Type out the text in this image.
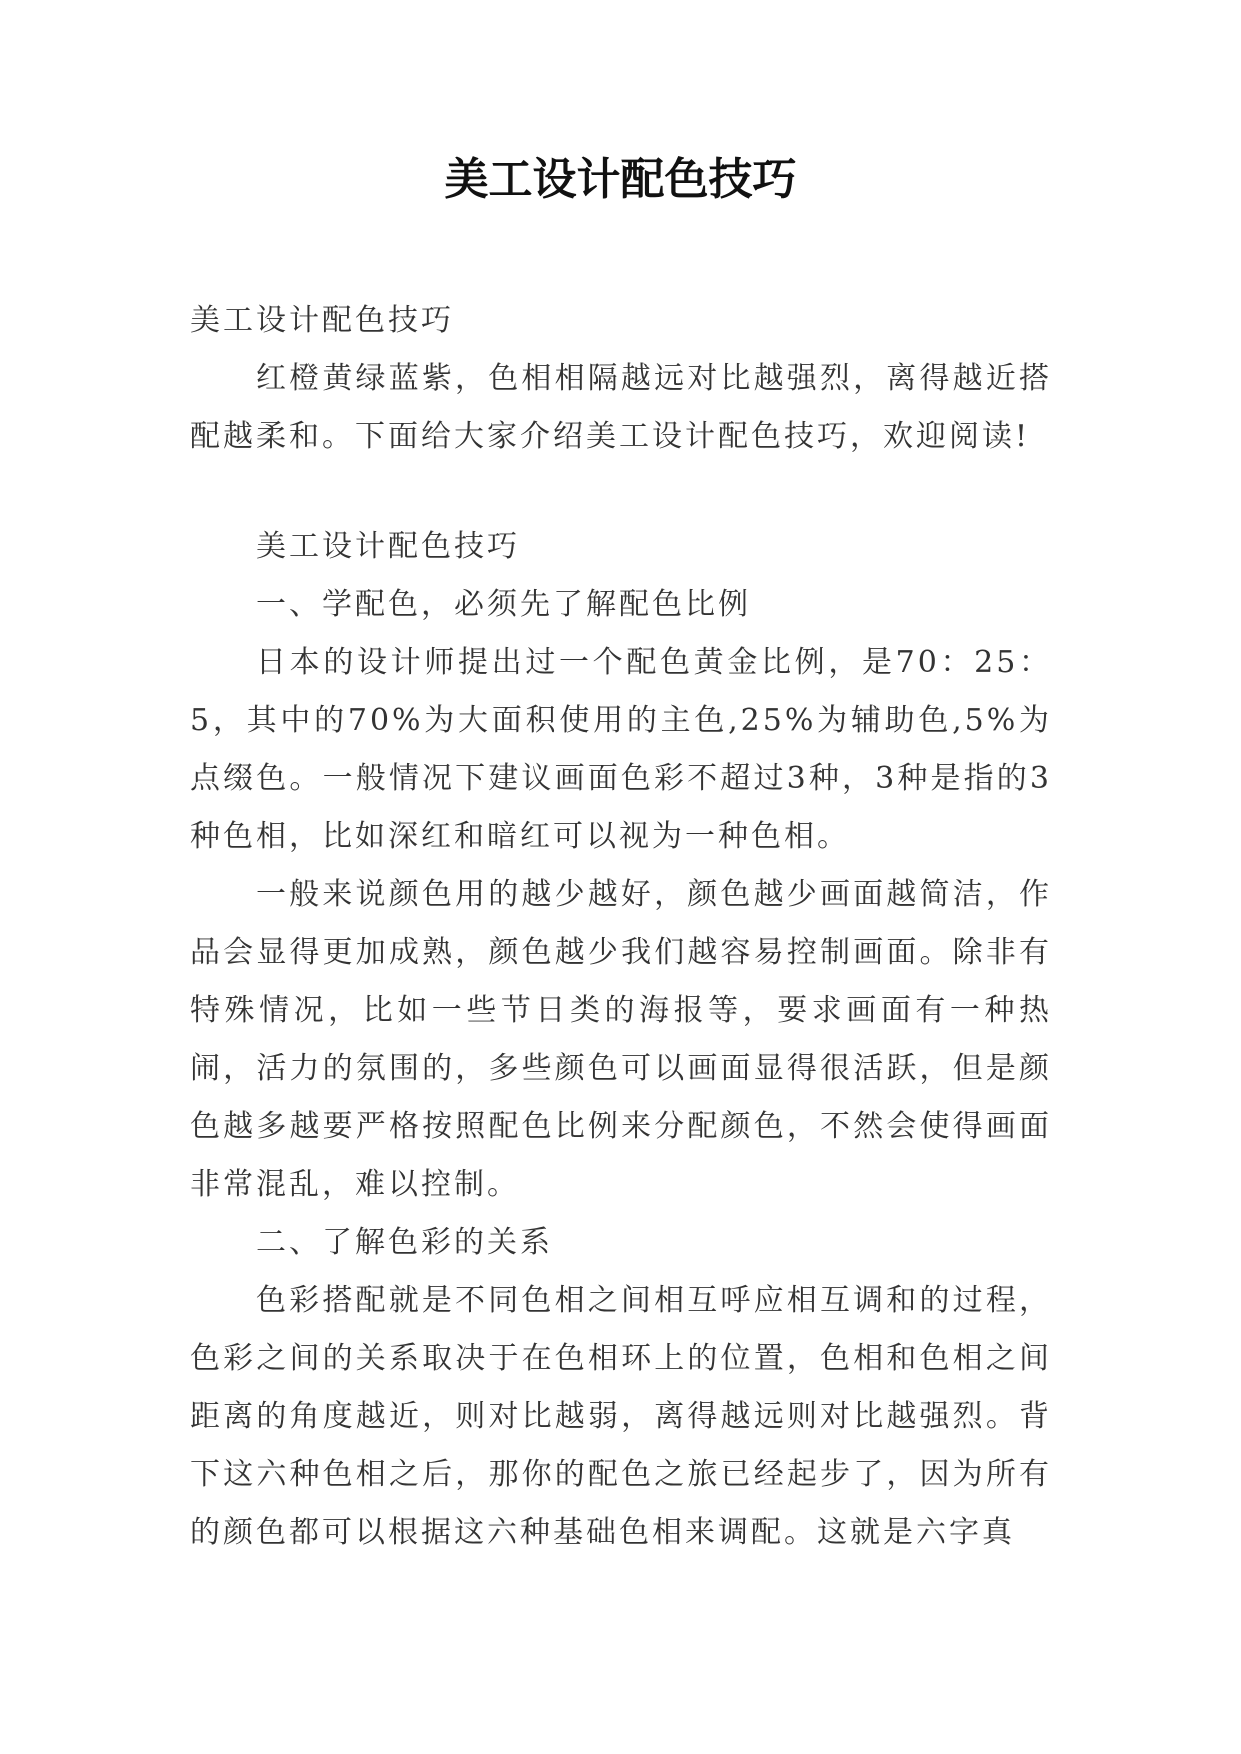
美工设计配色技巧

美工设计配色技巧

红橙黄绿蓝紫，色相相隔越远对比越强烈，离得越近搭配越柔和。下面给大家介绍美工设计配色技巧，欢迎阅读!

美工设计配色技巧

一、学配色，必须先了解配色比例

日本的设计师提出过一个配色黄金比例，是70：25：5，其中的70%为大面积使用的主色,25%为辅助色,5%为点缀色。一般情况下建议画面色彩不超过3种，3种是指的3种色相，比如深红和暗红可以视为一种色相。

一般来说颜色用的越少越好，颜色越少画面越简洁，作品会显得更加成熟，颜色越少我们越容易控制画面。除非有特殊情况，比如一些节日类的海报等，要求画面有一种热闹，活力的氛围的，多些颜色可以画面显得很活跃，但是颜色越多越要严格按照配色比例来分配颜色，不然会使得画面非常混乱，难以控制。

二、了解色彩的关系

色彩搭配就是不同色相之间相互呼应相互调和的过程，色彩之间的关系取决于在色相环上的位置，色相和色相之间距离的角度越近，则对比越弱，离得越远则对比越强烈。背下这六种色相之后，那你的配色之旅已经起步了，因为所有的颜色都可以根据这六种基础色相来调配。这就是六字真
